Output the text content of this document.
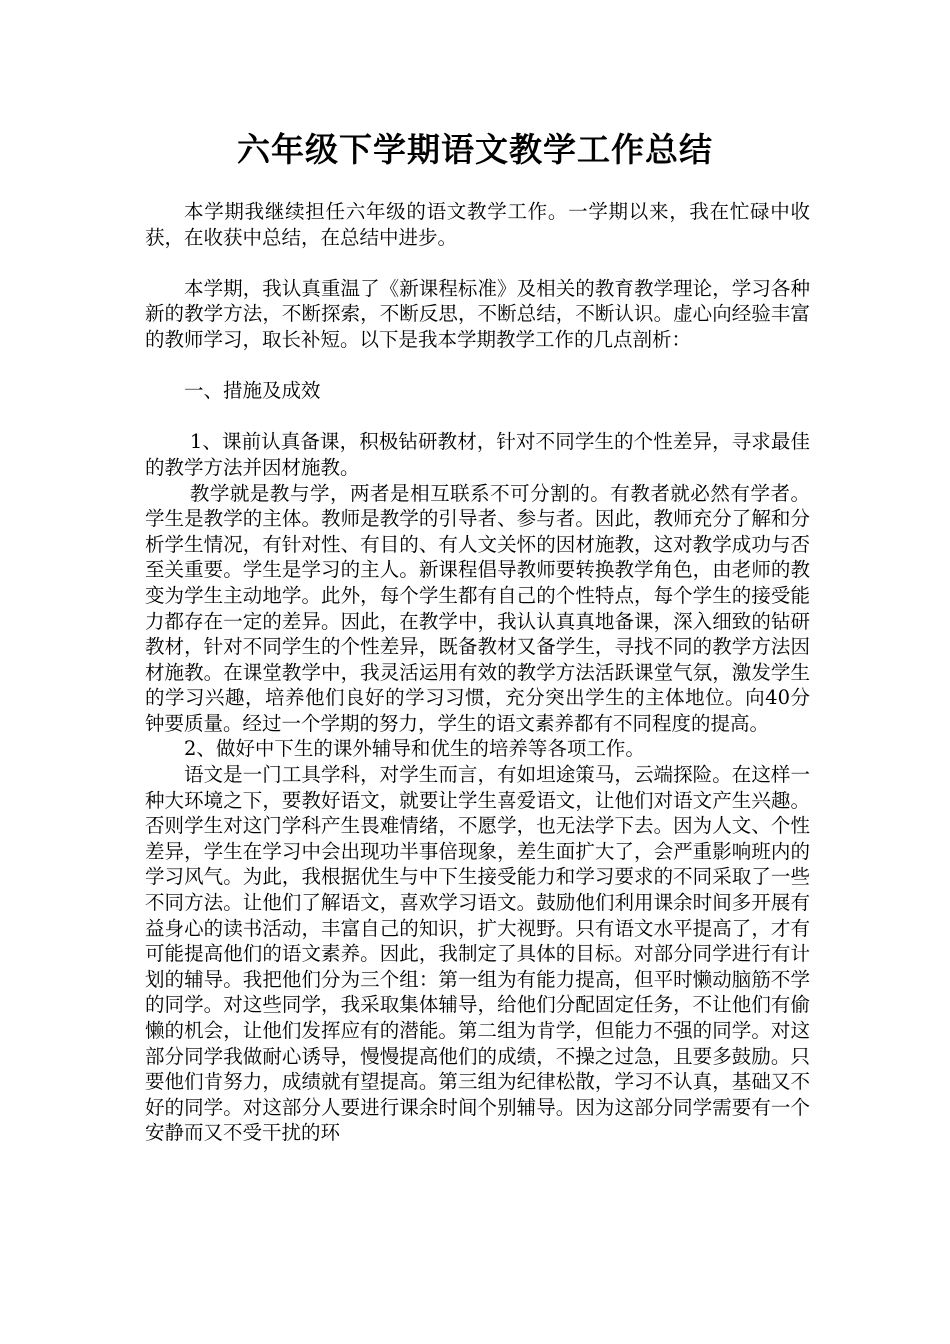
六年级下学期语文教学工作总结

本学期我继续担任六年级的语文教学工作。一学期以来，我在忙碌中收获，在收获中总结，在总结中进步。

本学期，我认真重温了《新课程标准》及相关的教育教学理论，学习各种新的教学方法，不断探索，不断反思，不断总结，不断认识。虚心向经验丰富的教师学习，取长补短。以下是我本学期教学工作的几点剖析：

一、措施及成效

1、课前认真备课，积极钻研教材，针对不同学生的个性差异，寻求最佳的教学方法并因材施教。

教学就是教与学，两者是相互联系不可分割的。有教者就必然有学者。学生是教学的主体。教师是教学的引导者、参与者。因此，教师充分了解和分析学生情况，有针对性、有目的、有人文关怀的因材施教，这对教学成功与否至关重要。学生是学习的主人。新课程倡导教师要转换教学角色，由老师的教变为学生主动地学。此外，每个学生都有自己的个性特点，每个学生的接受能力都存在一定的差异。因此，在教学中，我认认真真地备课，深入细致的钻研教材，针对不同学生的个性差异，既备教材又备学生，寻找不同的教学方法因材施教。在课堂教学中，我灵活运用有效的教学方法活跃课堂气氛，激发学生的学习兴趣，培养他们良好的学习习惯，充分突出学生的主体地位。向40分钟要质量。经过一个学期的努力，学生的语文素养都有不同程度的提高。

2、做好中下生的课外辅导和优生的培养等各项工作。

语文是一门工具学科，对学生而言，有如坦途策马，云端探险。在这样一种大环境之下，要教好语文，就要让学生喜爱语文，让他们对语文产生兴趣。否则学生对这门学科产生畏难情绪，不愿学，也无法学下去。因为人文、个性差异，学生在学习中会出现功半事倍现象，差生面扩大了，会严重影响班内的学习风气。为此，我根据优生与中下生接受能力和学习要求的不同采取了一些不同方法。让他们了解语文，喜欢学习语文。鼓励他们利用课余时间多开展有益身心的读书活动，丰富自己的知识，扩大视野。只有语文水平提高了，才有可能提高他们的语文素养。因此，我制定了具体的目标。对部分同学进行有计划的辅导。我把他们分为三个组：第一组为有能力提高，但平时懒动脑筋不学的同学。对这些同学，我采取集体辅导，给他们分配固定任务，不让他们有偷懒的机会，让他们发挥应有的潜能。第二组为肯学，但能力不强的同学。对这部分同学我做耐心诱导，慢慢提高他们的成绩，不操之过急，且要多鼓励。只要他们肯努力，成绩就有望提高。第三组为纪律松散，学习不认真，基础又不好的同学。对这部分人要进行课余时间个别辅导。因为这部分同学需要有一个安静而又不受干扰的环
